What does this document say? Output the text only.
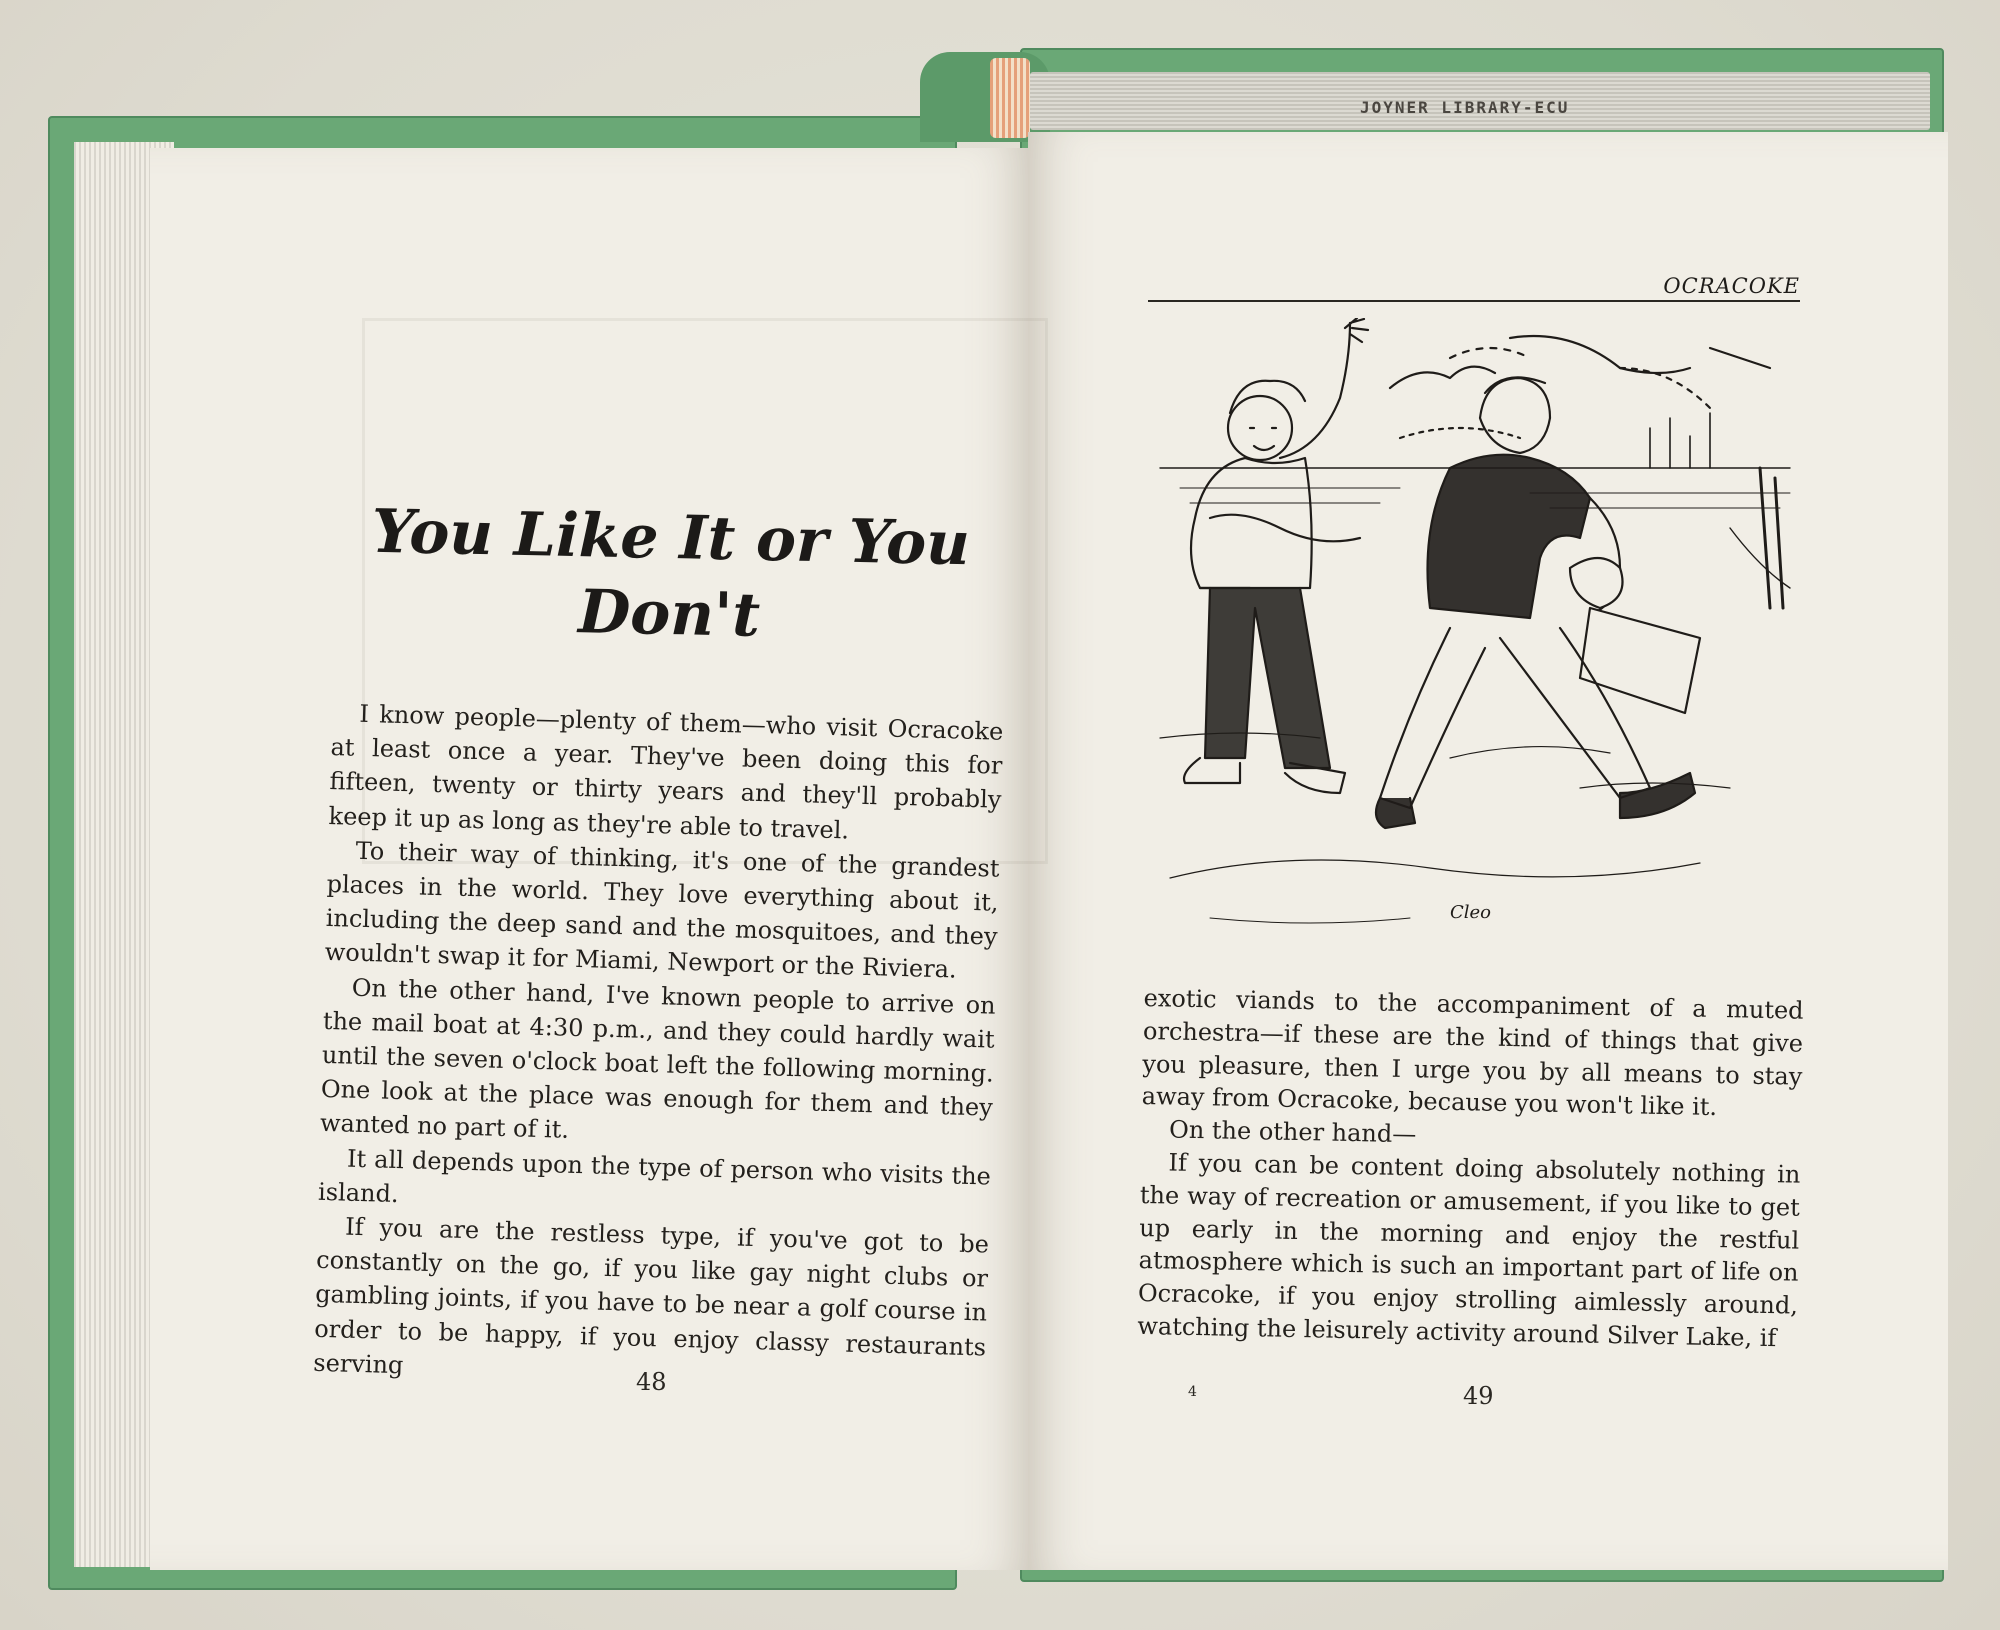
JOYNER LIBRARY-ECU
You Like It or You
Don't

I know people—plenty of them—who visit Ocracoke at least once a year. They've been doing this for fifteen, twenty or thirty years and they'll probably keep it up as long as they're able to travel.

To their way of thinking, it's one of the grandest places in the world. They love everything about it, including the deep sand and the mosquitoes, and they wouldn't swap it for Miami, Newport or the Riviera.

On the other hand, I've known people to arrive on the mail boat at 4:30 p.m., and they could hardly wait until the seven o'clock boat left the following morning. One look at the place was enough for them and they wanted no part of it.

It all depends upon the type of person who visits the island.

If you are the restless type, if you've got to be constantly on the go, if you like gay night clubs or gambling joints, if you have to be near a golf course in order to be happy, if you enjoy classy restaurants serving

48
OCRACOKE
Cleo

exotic viands to the accompaniment of a muted orchestra—if these are the kind of things that give you pleasure, then I urge you by all means to stay away from Ocracoke, because you won't like it.

On the other hand—

If you can be content doing absolutely nothing in the way of recreation or amusement, if you like to get up early in the morning and enjoy the restful atmosphere which is such an important part of life on Ocracoke, if you enjoy strolling aimlessly around, watching the leisurely activity around Silver Lake, if

4	49
